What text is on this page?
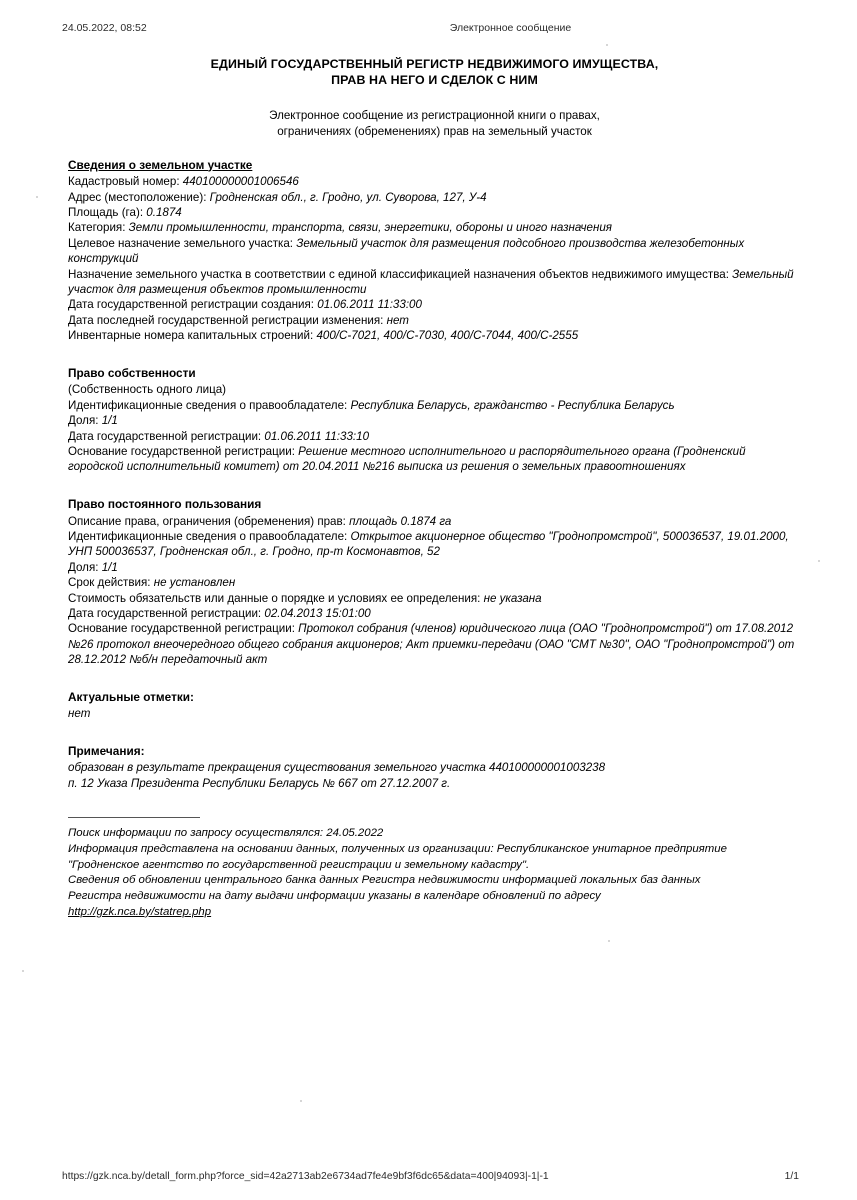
24.05.2022, 08:52	Электронное сообщение
ЕДИНЫЙ ГОСУДАРСТВЕННЫЙ РЕГИСТР НЕДВИЖИМОГО ИМУЩЕСТВА,
ПРАВ НА НЕГО И СДЕЛОК С НИМ
Электронное сообщение из регистрационной книги о правах,
ограничениях (обременениях) прав на земельный участок
Сведения о земельном участке
Кадастровый номер: 440100000001006546
Адрес (местоположение): Гродненская обл., г. Гродно, ул. Суворова, 127, У-4
Площадь (га): 0.1874
Категория: Земли промышленности, транспорта, связи, энергетики, обороны и иного назначения
Целевое назначение земельного участка: Земельный участок для размещения подсобного производства железобетонных конструкций
Назначение земельного участка в соответствии с единой классификацией назначения объектов недвижимого имущества: Земельный участок для размещения объектов промышленности
Дата государственной регистрации создания: 01.06.2011 11:33:00
Дата последней государственной регистрации изменения: нет
Инвентарные номера капитальных строений: 400/С-7021, 400/С-7030, 400/С-7044, 400/С-2555
Право собственности
(Собственность одного лица)
Идентификационные сведения о правообладателе: Республика Беларусь, гражданство - Республика Беларусь
Доля: 1/1
Дата государственной регистрации: 01.06.2011 11:33:10
Основание государственной регистрации: Решение местного исполнительного и распорядительного органа (Гродненский городской исполнительный комитет) от 20.04.2011 №216 выписка из решения о земельных правоотношениях
Право постоянного пользования
Описание права, ограничения (обременения) прав: площадь 0.1874 га
Идентификационные сведения о правообладателе: Открытое акционерное общество "Гроднопромстрой", 500036537, 19.01.2000, УНП 500036537, Гродненская обл., г. Гродно, пр-т Космонавтов, 52
Доля: 1/1
Срок действия: не установлен
Стоимость обязательств или данные о порядке и условиях ее определения: не указана
Дата государственной регистрации: 02.04.2013 15:01:00
Основание государственной регистрации: Протокол собрания (членов) юридического лица (ОАО "Гроднопромстрой") от 17.08.2012 №26 протокол внеочередного общего собрания акционеров; Акт приемки-передачи (ОАО "СМТ №30", ОАО "Гроднопромстрой") от 28.12.2012 №б/н передаточный акт
Актуальные отметки:
нет
Примечания:
образован в результате прекращения существования земельного участка 440100000001003238
п. 12 Указа Президента Республики Беларусь № 667 от 27.12.2007 г.
Поиск информации по запросу осуществлялся: 24.05.2022
Информация представлена на основании данных, полученных из организации: Республиканское унитарное предприятие
"Гродненское агентство по государственной регистрации и земельному кадастру".
Сведения об обновлении центрального банка данных Регистра недвижимости информацией локальных баз данных
Регистра недвижимости на дату выдачи информации указаны в календаре обновлений по адресу
http://gzk.nca.by/statrep.php
https://gzk.nca.by/detall_form.php?force_sid=42a2713ab2e6734ad7fe4e9bf3f6dc65&data=400|94093|-1|-1	1/1
